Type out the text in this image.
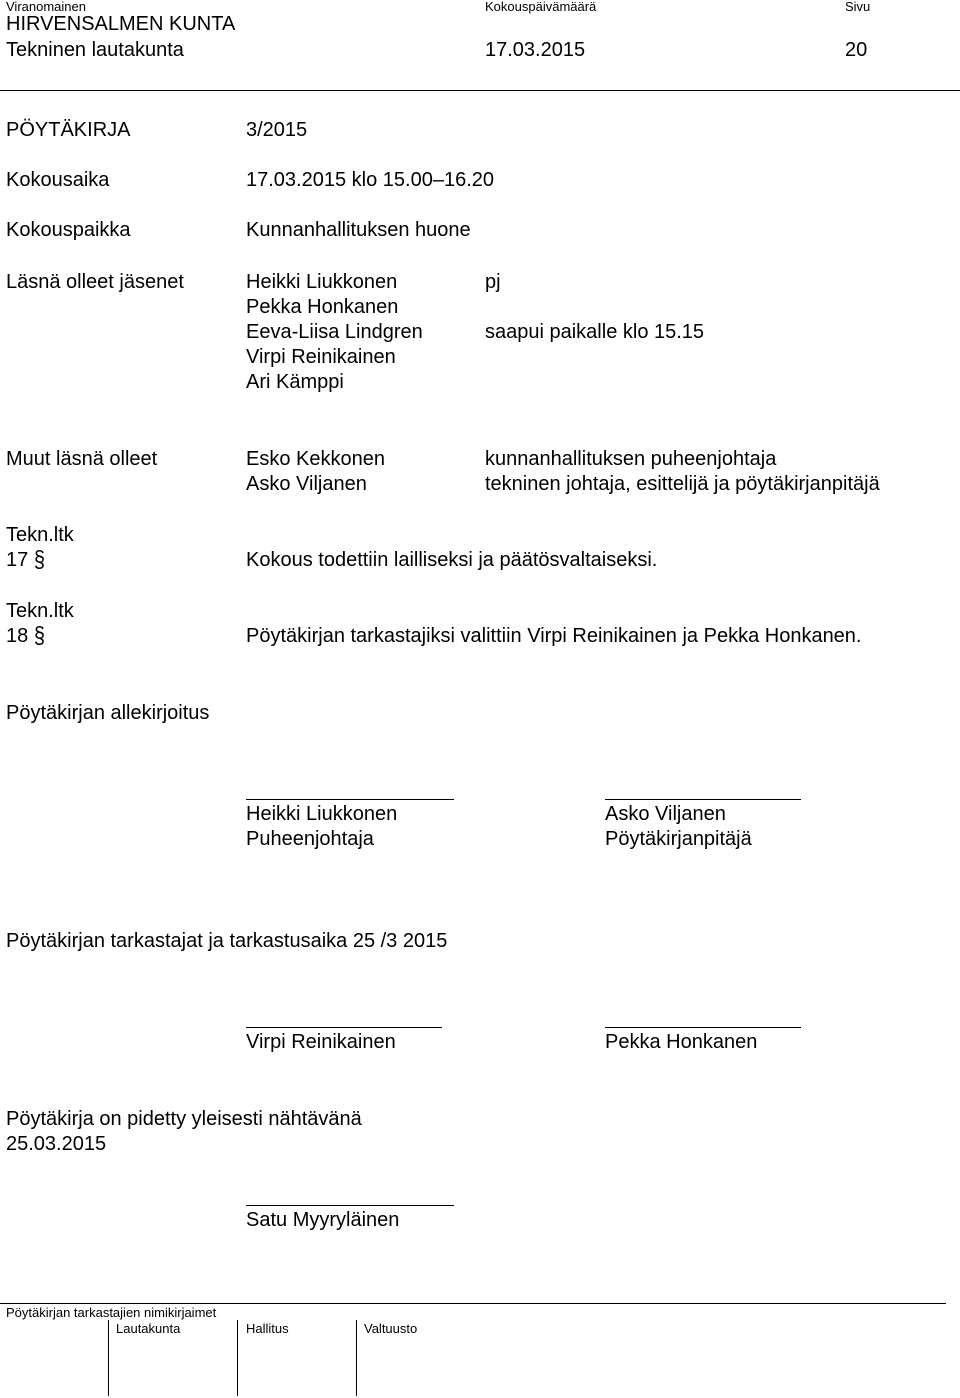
Viranomainen	Kokouspäivämäärä	Sivu
HIRVENSALMEN KUNTA
Tekninen lautakunta	17.03.2015	20
PÖYTÄKIRJA	3/2015
Kokousaika	17.03.2015 klo 15.00–16.20
Kokouspaikka	Kunnanhallituksen huone
Läsnä olleet jäsenet	Heikki Liukkonen	pj
Pekka Honkanen
Eeva-Liisa Lindgren	saapui paikalle klo 15.15
Virpi Reinikainen
Ari Kämppi
Muut läsnä olleet	Esko Kekkonen	kunnanhallituksen puheenjohtaja
Asko Viljanen	tekninen johtaja, esittelijä ja pöytäkirjanpitäjä
Tekn.ltk
17 §	Kokous todettiin lailliseksi ja päätösvaltaiseksi.
Tekn.ltk
18 §	Pöytäkirjan tarkastajiksi valittiin Virpi Reinikainen ja Pekka Honkanen.
Pöytäkirjan allekirjoitus
Heikki Liukkonen
Puheenjohtaja
Asko Viljanen
Pöytäkirjanpitäjä
Pöytäkirjan tarkastajat ja tarkastusaika 25 /3 2015
Virpi Reinikainen	Pekka Honkanen
Pöytäkirja on pidetty yleisesti nähtävänä
25.03.2015
Satu Myyryläinen
Pöytäkirjan tarkastajien nimikirjaimet
Lautakunta	Hallitus	Valtuusto
